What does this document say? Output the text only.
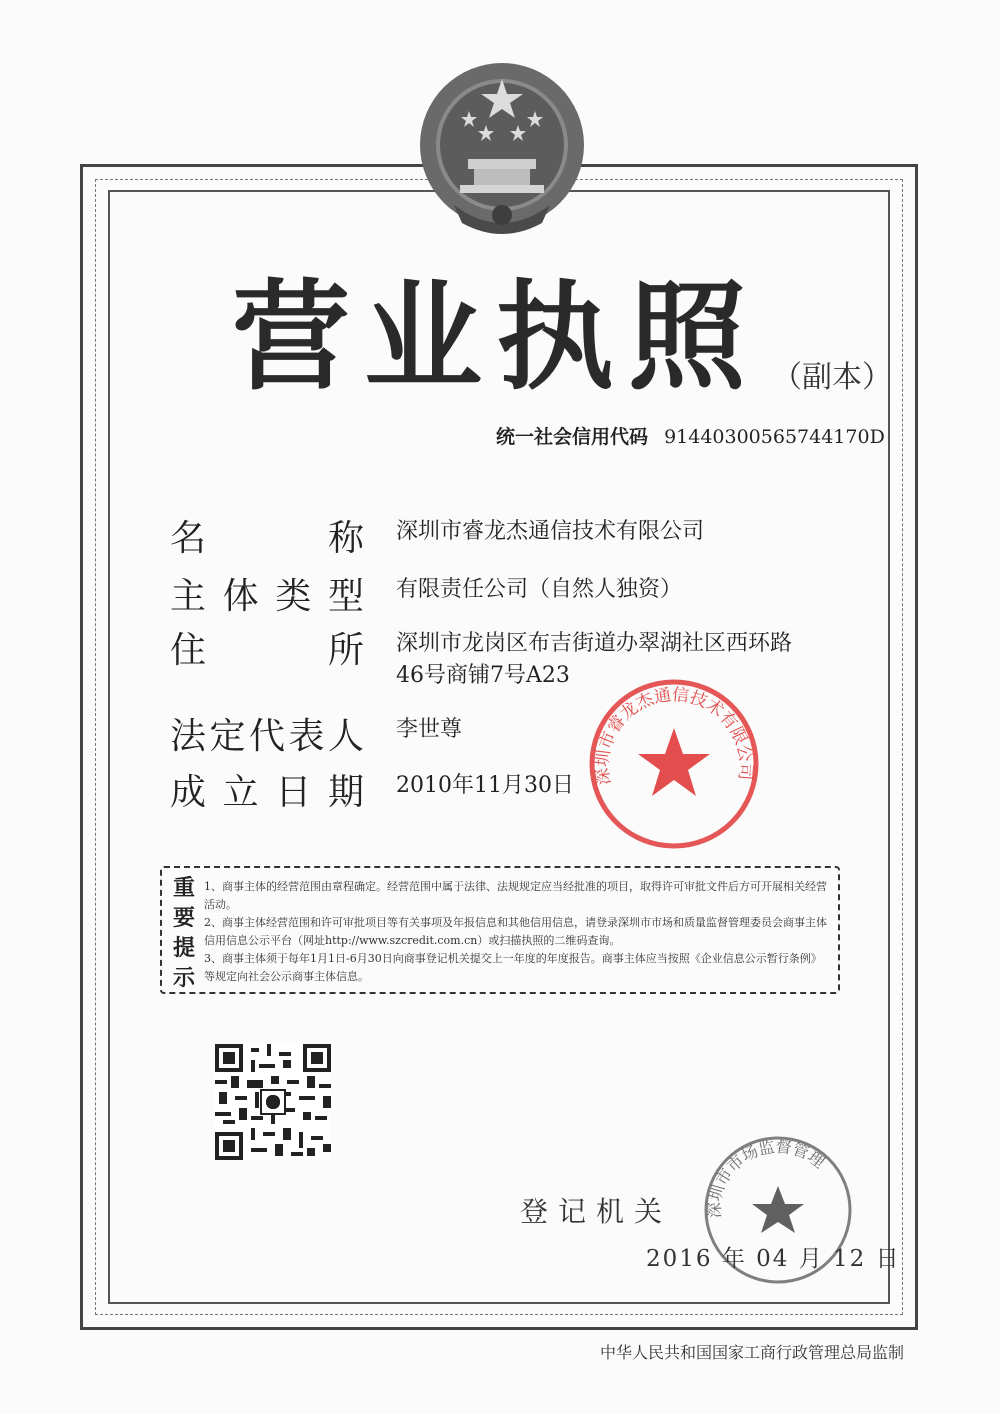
营业执照 （副本）
统一社会信用代码 91440300565744170D
名称 深圳市睿龙杰通信技术有限公司
主体类型 有限责任公司（自然人独资）
住所 深圳市龙岗区布吉街道办翠湖社区西环路46号商铺7号A23
法定代表人 李世尊
成立日期 2010年11月30日	深圳市睿龙杰通信技术有限公司
重要提示

1、商事主体的经营范围由章程确定。经营范围中属于法律、法规规定应当经批准的项目，取得许可审批文件后方可开展相关经营活动。

2、商事主体经营范围和许可审批项目等有关事项及年报信息和其他信用信息，请登录深圳市市场和质量监督管理委员会商事主体信用信息公示平台（网址http://www.szcredit.com.cn）或扫描执照的二维码查询。

3、商事主体须于每年1月1日-6月30日向商事登记机关提交上一年度的年度报告。商事主体应当按照《企业信息公示暂行条例》等规定向社会公示商事主体信息。

深圳市市场监督管理
登记机关
2016 年 04 月 12 日
中华人民共和国国家工商行政管理总局监制
